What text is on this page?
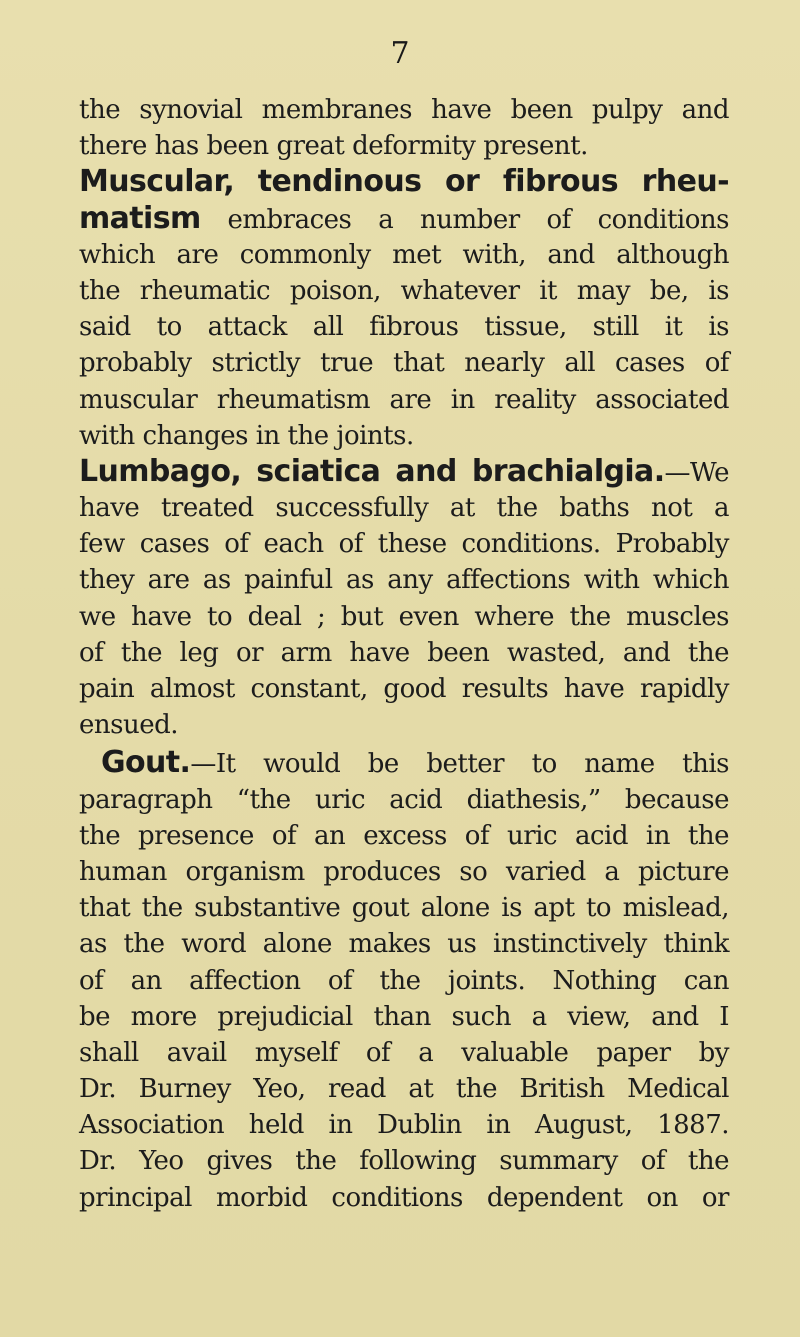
7
the synovial membranes have been pulpy and
there has been great deformity present.
Muscular, tendinous or fibrous rheu-
matism embraces a number of conditions
which are commonly met with, and although
the rheumatic poison, whatever it may be, is
said to attack all fibrous tissue, still it is
probably strictly true that nearly all cases of
muscular rheumatism are in reality associated
with changes in the joints.
Lumbago, sciatica and brachialgia.—We
have treated successfully at the baths not a
few cases of each of these conditions. Probably
they are as painful as any affections with which
we have to deal ; but even where the muscles
of the leg or arm have been wasted, and the
pain almost constant, good results have rapidly
ensued.
Gout.—It would be better to name this
paragraph “the uric acid diathesis,” because
the presence of an excess of uric acid in the
human organism produces so varied a picture
that the substantive gout alone is apt to mislead,
as the word alone makes us instinctively think
of an affection of the joints. Nothing can
be more prejudicial than such a view, and I
shall avail myself of a valuable paper by
Dr. Burney Yeo, read at the British Medical
Association held in Dublin in August, 1887.
Dr. Yeo gives the following summary of the
principal morbid conditions dependent on or
